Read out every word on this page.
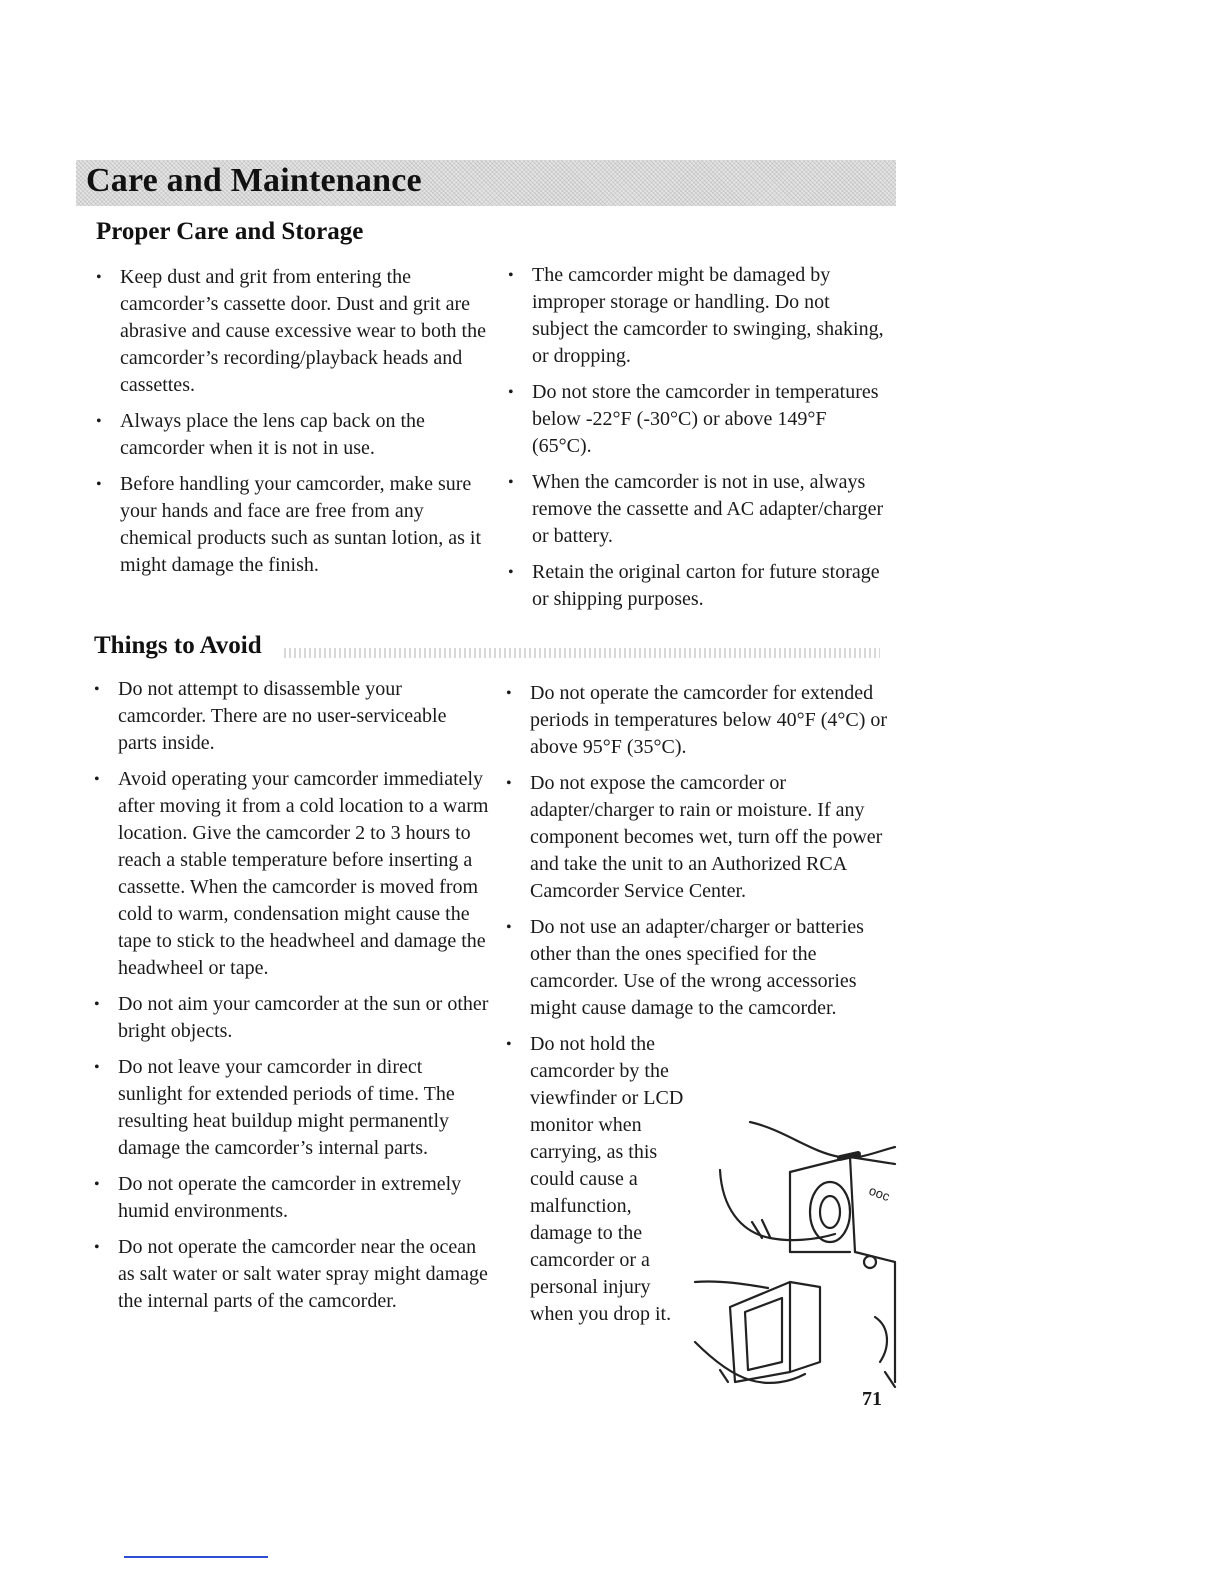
Care and Maintenance
Proper Care and Storage
• Keep dust and grit from entering the camcorder’s cassette door. Dust and grit are abrasive and cause excessive wear to both the camcorder’s recording/playback heads and cassettes.
• Always place the lens cap back on the camcorder when it is not in use.
• Before handling your camcorder, make sure your hands and face are free from any chemical products such as suntan lotion, as it might damage the finish.
• The camcorder might be damaged by improper storage or handling. Do not subject the camcorder to swinging, shaking, or dropping.
• Do not store the camcorder in temperatures below -22°F (-30°C) or above 149°F (65°C).
• When the camcorder is not in use, always remove the cassette and AC adapter/charger or battery.
• Retain the original carton for future storage or shipping purposes.
Things to Avoid
• Do not attempt to disassemble your camcorder. There are no user-serviceable parts inside.
• Avoid operating your camcorder immediately after moving it from a cold location to a warm location. Give the camcorder 2 to 3 hours to reach a stable temperature before inserting a cassette. When the camcorder is moved from cold to warm, condensation might cause the tape to stick to the headwheel and damage the headwheel or tape.
• Do not aim your camcorder at the sun or other bright objects.
• Do not leave your camcorder in direct sunlight for extended periods of time. The resulting heat buildup might permanently damage the camcorder’s internal parts.
• Do not operate the camcorder in extremely humid environments.
• Do not operate the camcorder near the ocean as salt water or salt water spray might damage the internal parts of the camcorder.
• Do not operate the camcorder for extended periods in temperatures below 40°F (4°C) or above 95°F (35°C).
• Do not expose the camcorder or adapter/charger to rain or moisture. If any component becomes wet, turn off the power and take the unit to an Authorized RCA Camcorder Service Center.
• Do not use an adapter/charger or batteries other than the ones specified for the camcorder. Use of the wrong accessories might cause damage to the camcorder.
• Do not hold the camcorder by the viewfinder or LCD monitor when carrying, as this could cause a malfunction, damage to the camcorder or a personal injury when you drop it.
ooc
71
